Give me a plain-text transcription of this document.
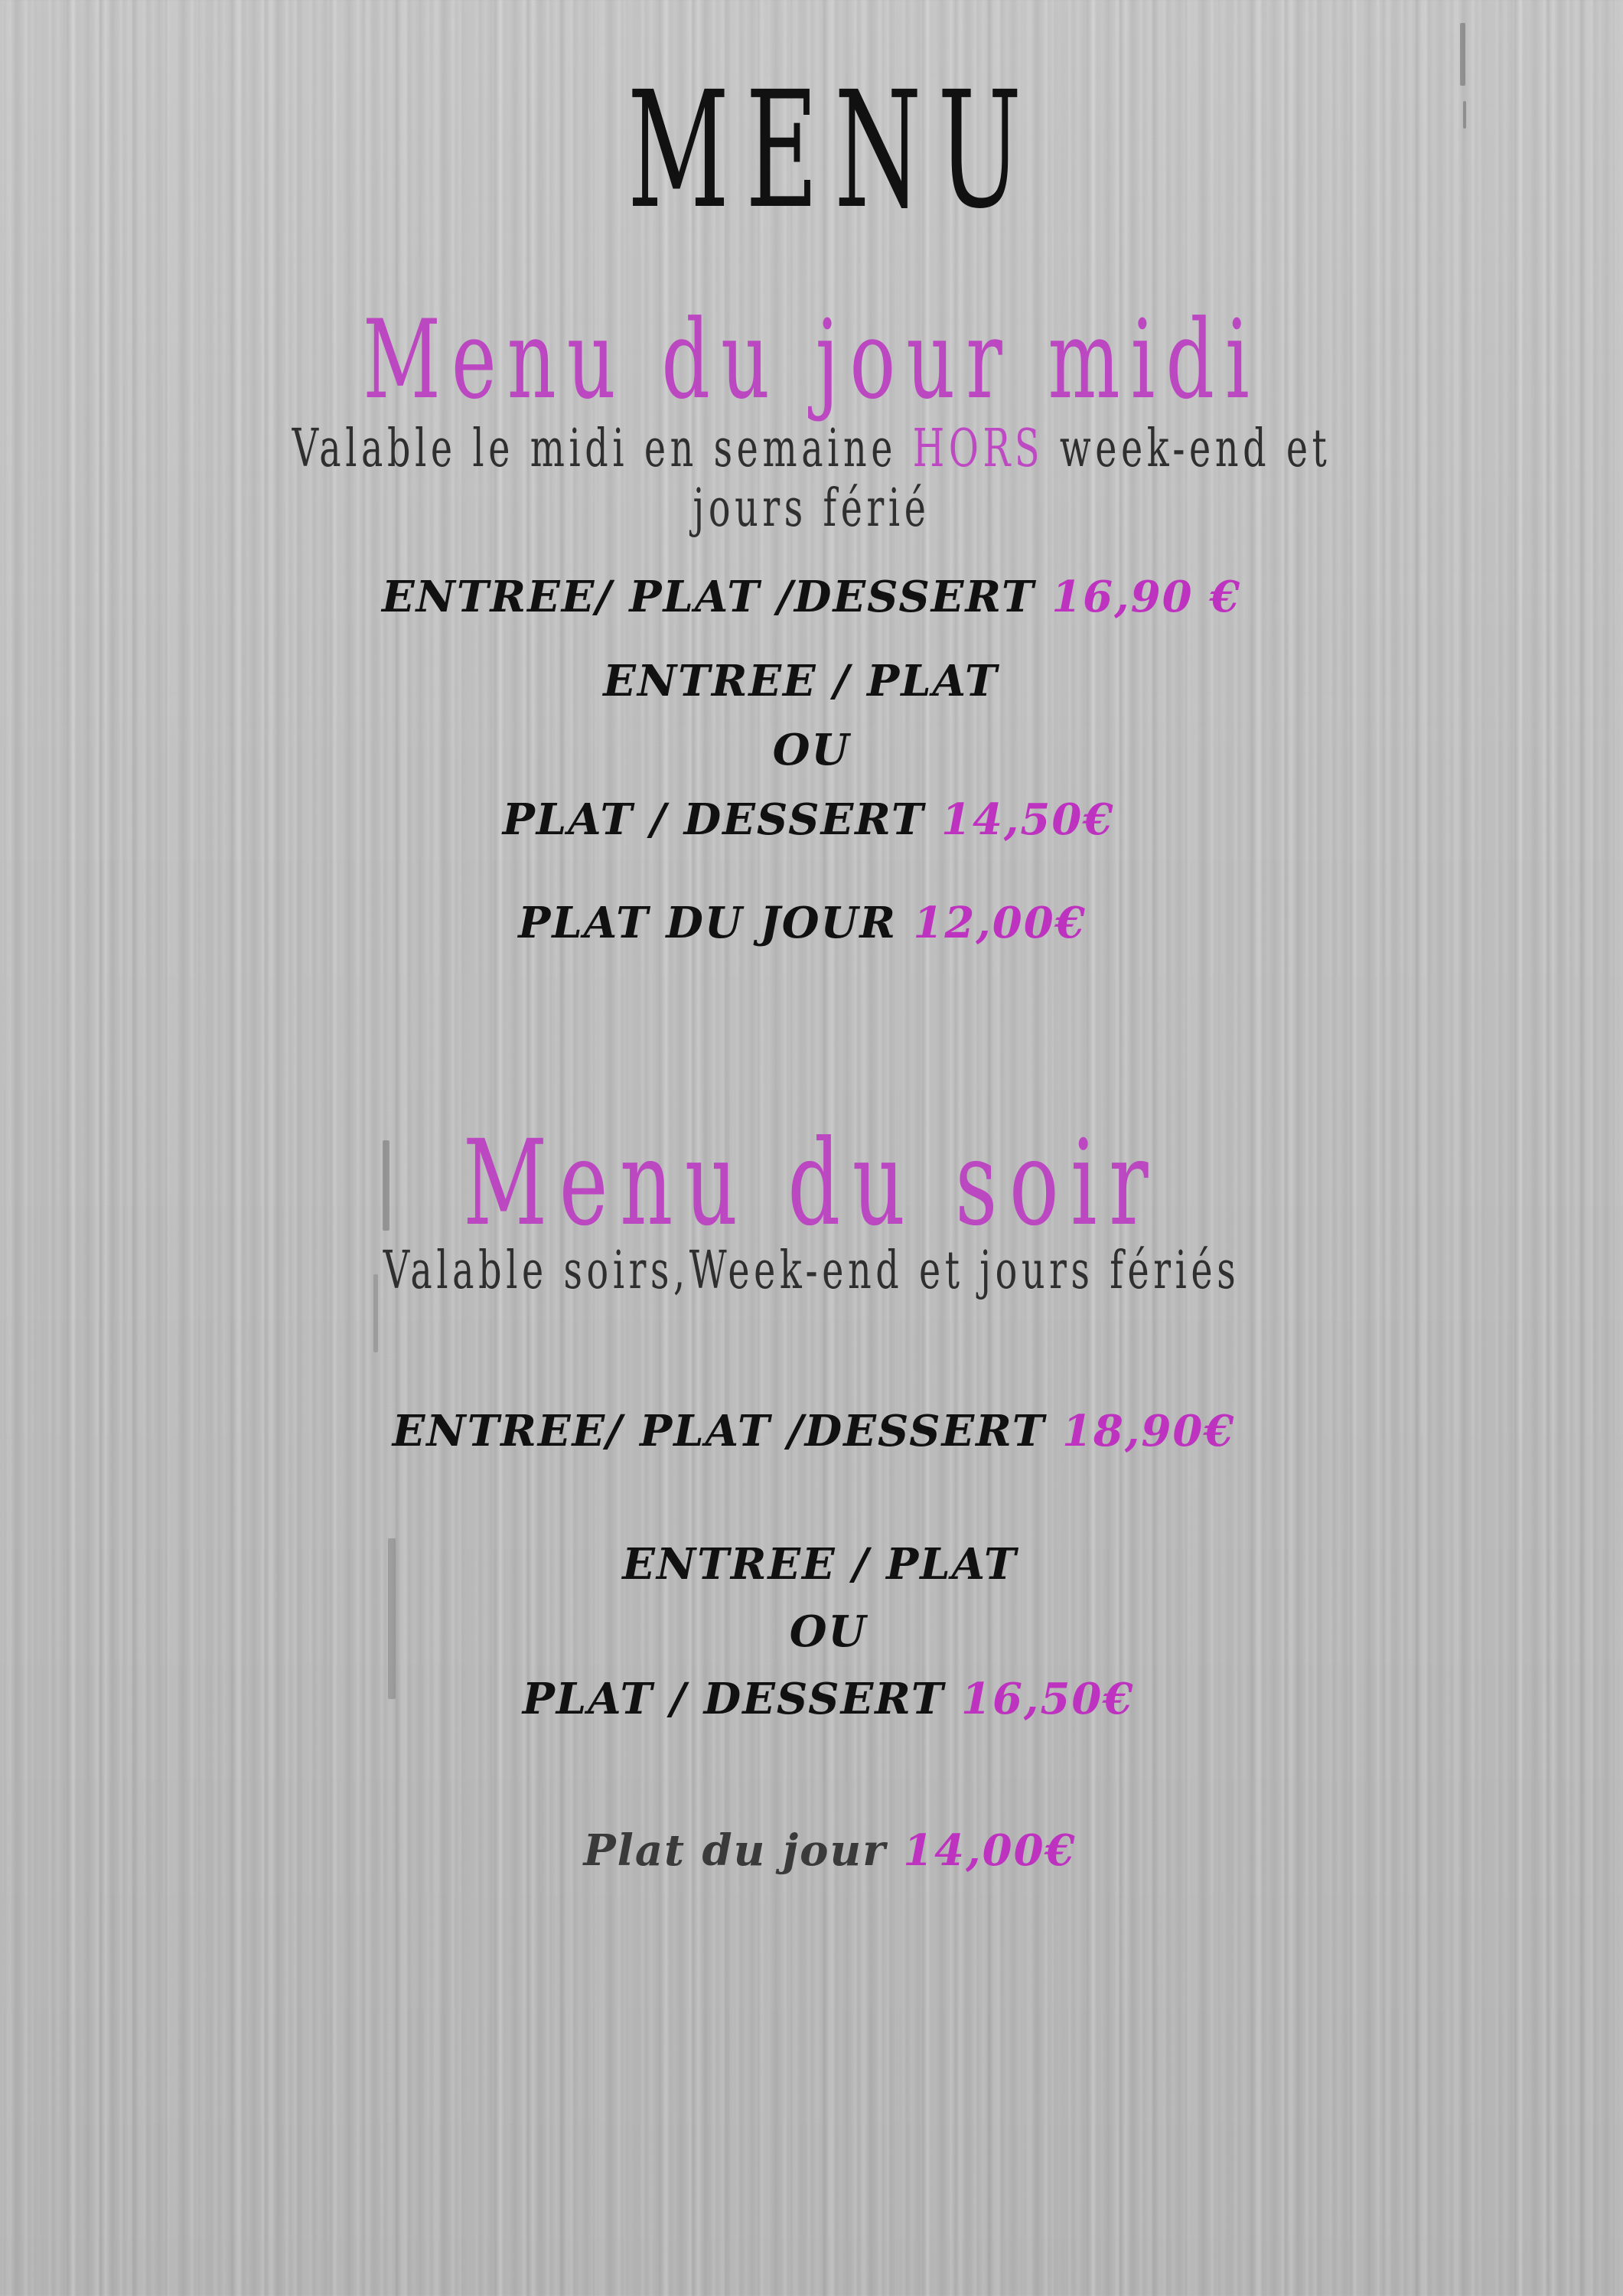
MENU
Menu du jour midi
Valable le midi en semaine HORS week-end et
jours férié
ENTREE/ PLAT /DESSERT 16,90 €
ENTREE / PLAT
OU
PLAT / DESSERT 14,50€
PLAT DU JOUR 12,00€
Menu du soir
Valable soirs,Week-end et jours fériés
ENTREE/ PLAT /DESSERT 18,90€
ENTREE / PLAT
OU
PLAT / DESSERT 16,50€
Plat du jour 14,00€
